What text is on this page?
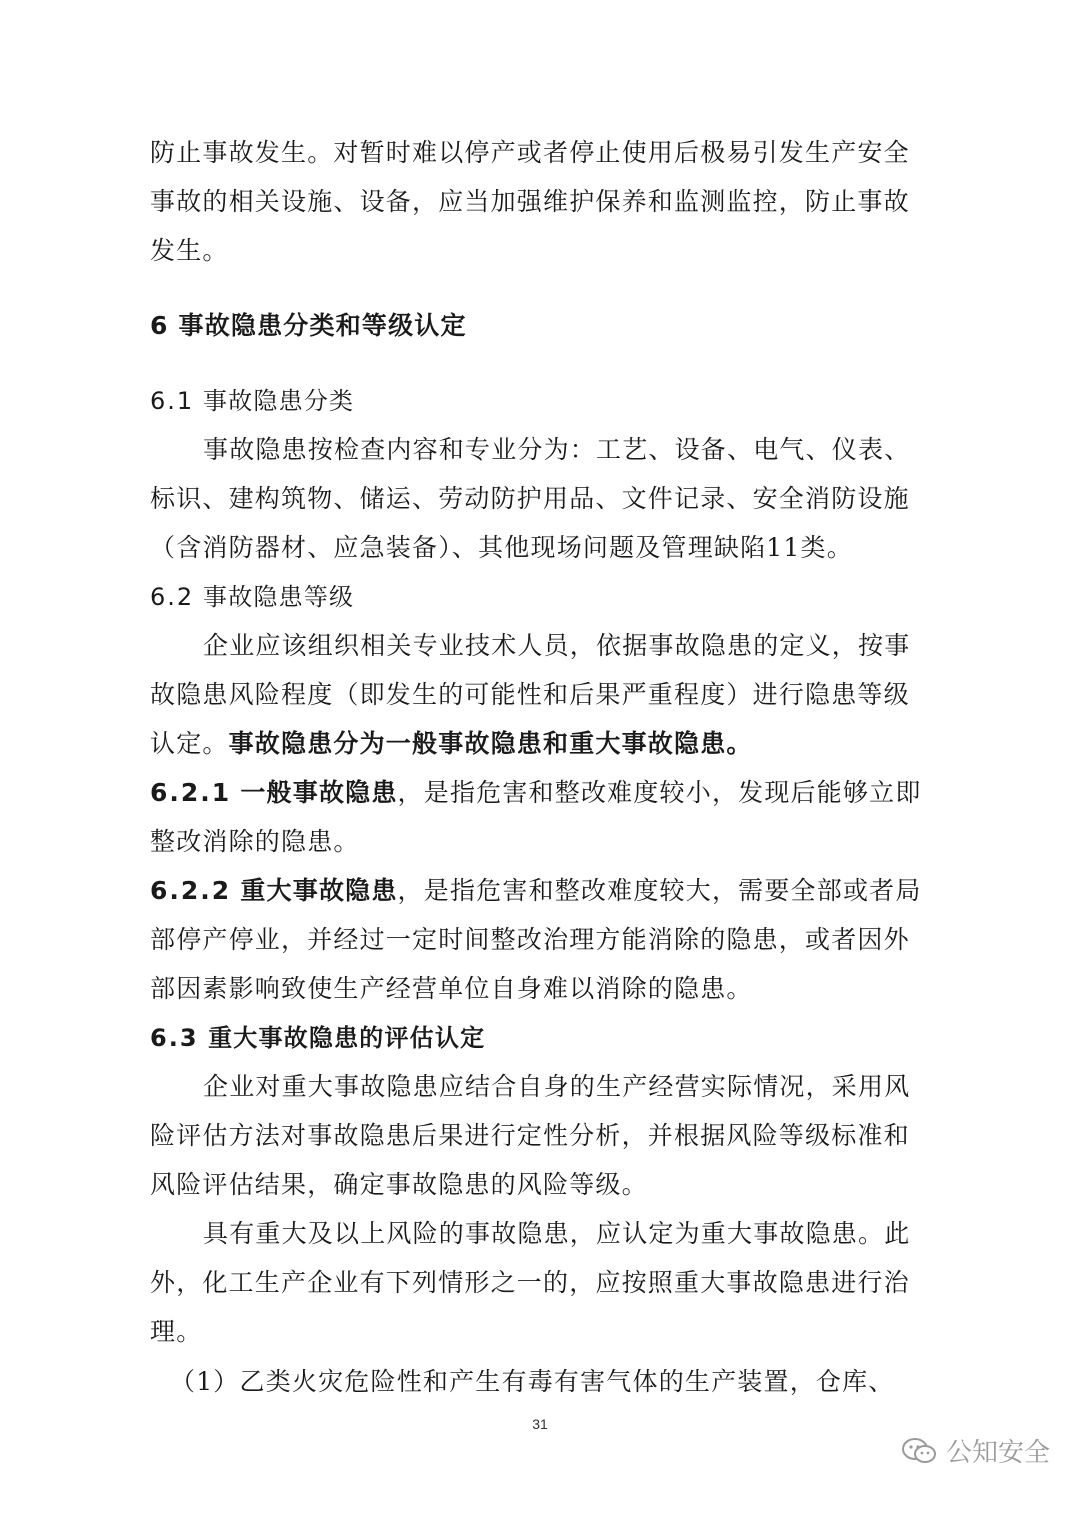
防止事故发生。对暂时难以停产或者停止使用后极易引发生产安全
事故的相关设施、设备，应当加强维护保养和监测监控，防止事故
发生。
6 事故隐患分类和等级认定
6.1 事故隐患分类
事故隐患按检查内容和专业分为：工艺、设备、电气、仪表、
标识、建构筑物、储运、劳动防护用品、文件记录、安全消防设施
（含消防器材、应急装备）、其他现场问题及管理缺陷11类。
6.2 事故隐患等级
企业应该组织相关专业技术人员，依据事故隐患的定义，按事
故隐患风险程度（即发生的可能性和后果严重程度）进行隐患等级
认定。事故隐患分为一般事故隐患和重大事故隐患。
6.2.1 一般事故隐患，是指危害和整改难度较小，发现后能够立即
整改消除的隐患。
6.2.2 重大事故隐患，是指危害和整改难度较大，需要全部或者局
部停产停业，并经过一定时间整改治理方能消除的隐患，或者因外
部因素影响致使生产经营单位自身难以消除的隐患。
6.3 重大事故隐患的评估认定
企业对重大事故隐患应结合自身的生产经营实际情况，采用风
险评估方法对事故隐患后果进行定性分析，并根据风险等级标准和
风险评估结果，确定事故隐患的风险等级。
具有重大及以上风险的事故隐患，应认定为重大事故隐患。此
外，化工生产企业有下列情形之一的，应按照重大事故隐患进行治
理。
（1）乙类火灾危险性和产生有毒有害气体的生产装置，仓库、
31
公知安全
